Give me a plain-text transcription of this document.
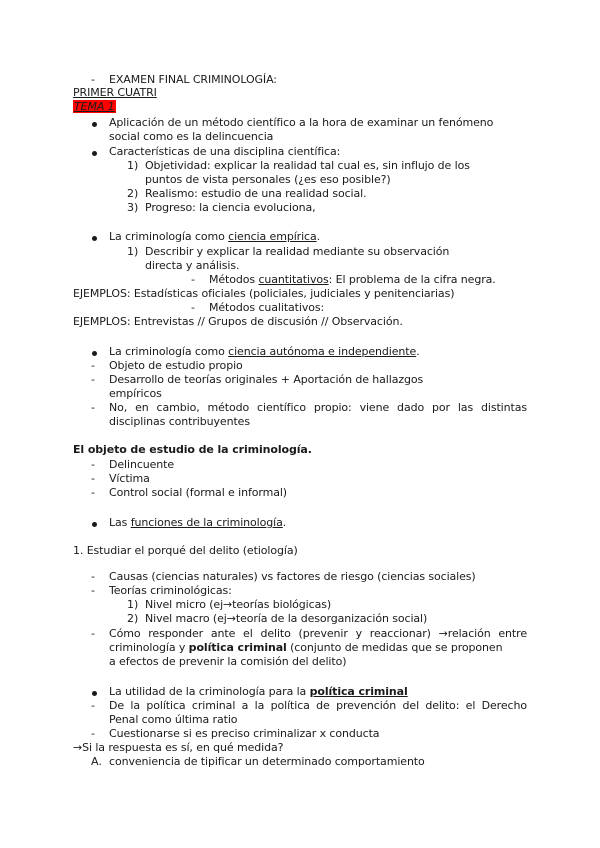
- EXAMEN FINAL CRIMINOLOGÍA:
PRIMER CUATRI
TEMA 1
Aplicación de un método científico a la hora de examinar un fenómeno
social como es la delincuencia
Características de una disciplina científica:
1) Objetividad: explicar la realidad tal cual es, sin influjo de los
puntos de vista personales (¿es eso posible?)
2) Realismo: estudio de una realidad social.
3) Progreso: la ciencia evoluciona,
La criminología como ciencia empírica.
1) Describir y explicar la realidad mediante su observación
directa y análisis.
- Métodos cuantitativos: El problema de la cifra negra.
EJEMPLOS: Estadísticas oficiales (policiales, judiciales y penitenciarias)
- Métodos cualitativos:
EJEMPLOS: Entrevistas // Grupos de discusión // Observación.
La criminología como ciencia autónoma e independiente.
- Objeto de estudio propio
- Desarrollo de teorías originales + Aportación de hallazgos
empíricos
- No, en cambio, método científico propio: viene dado por las distintas
disciplinas contribuyentes
El objeto de estudio de la criminología.
- Delincuente
- Víctima
- Control social (formal e informal)
Las funciones de la criminología.
1. Estudiar el porqué del delito (etiología)
- Causas (ciencias naturales) vs factores de riesgo (ciencias sociales)
- Teorías criminológicas:
1) Nivel micro (ej→teorías biológicas)
2) Nivel macro (ej→teoría de la desorganización social)
- Cómo responder ante el delito (prevenir y reaccionar) →relación entre
criminología y política criminal (conjunto de medidas que se proponen
a efectos de prevenir la comisión del delito)
La utilidad de la criminología para la política criminal
- De la política criminal a la política de prevención del delito: el Derecho
Penal como última ratio
- Cuestionarse si es preciso criminalizar x conducta
→Si la respuesta es sí, en qué medida?
A. conveniencia de tipificar un determinado comportamiento
